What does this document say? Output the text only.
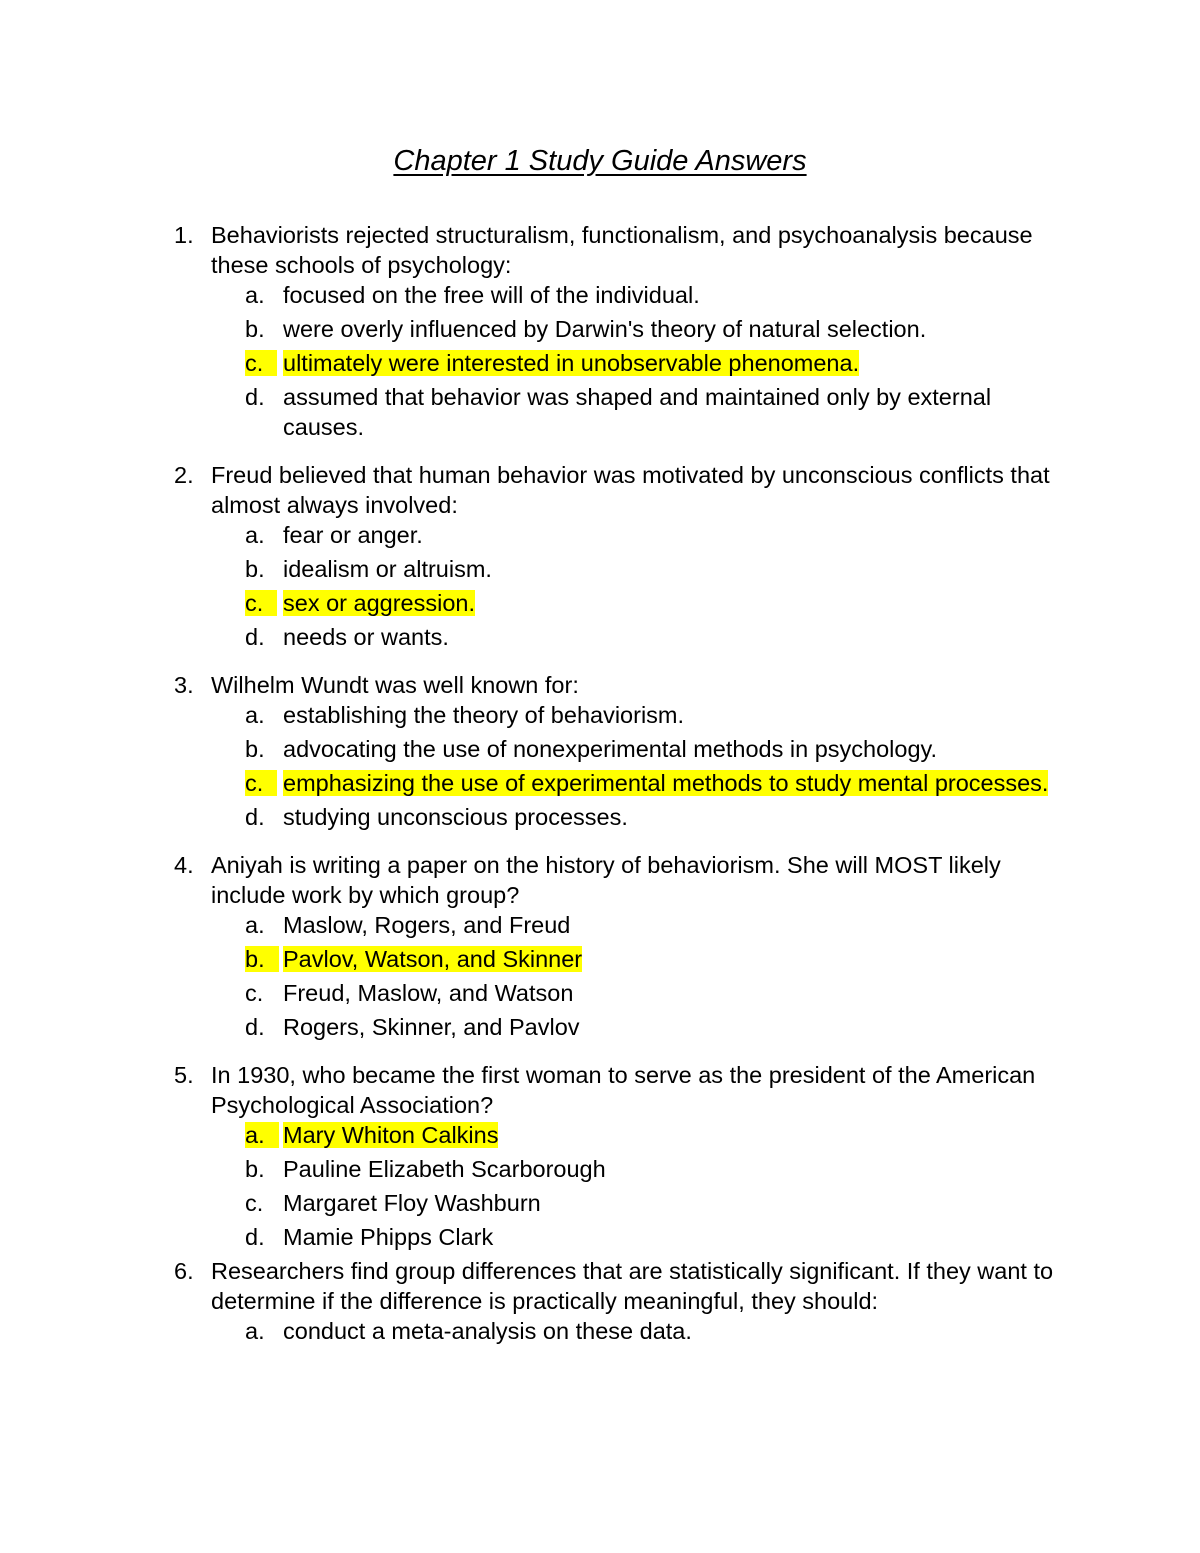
Chapter 1 Study Guide Answers
1. Behaviorists rejected structuralism, functionalism, and psychoanalysis because these schools of psychology:
a. focused on the free will of the individual.
b. were overly influenced by Darwin's theory of natural selection.
c. ultimately were interested in unobservable phenomena.
d. assumed that behavior was shaped and maintained only by external causes.
2. Freud believed that human behavior was motivated by unconscious conflicts that almost always involved:
a. fear or anger.
b. idealism or altruism.
c. sex or aggression.
d. needs or wants.
3. Wilhelm Wundt was well known for:
a. establishing the theory of behaviorism.
b. advocating the use of nonexperimental methods in psychology.
c. emphasizing the use of experimental methods to study mental processes.
d. studying unconscious processes.
4. Aniyah is writing a paper on the history of behaviorism. She will MOST likely include work by which group?
a. Maslow, Rogers, and Freud
b. Pavlov, Watson, and Skinner
c. Freud, Maslow, and Watson
d. Rogers, Skinner, and Pavlov
5. In 1930, who became the first woman to serve as the president of the American Psychological Association?
a. Mary Whiton Calkins
b. Pauline Elizabeth Scarborough
c. Margaret Floy Washburn
d. Mamie Phipps Clark
6. Researchers find group differences that are statistically significant. If they want to determine if the difference is practically meaningful, they should:
a. conduct a meta-analysis on these data.
